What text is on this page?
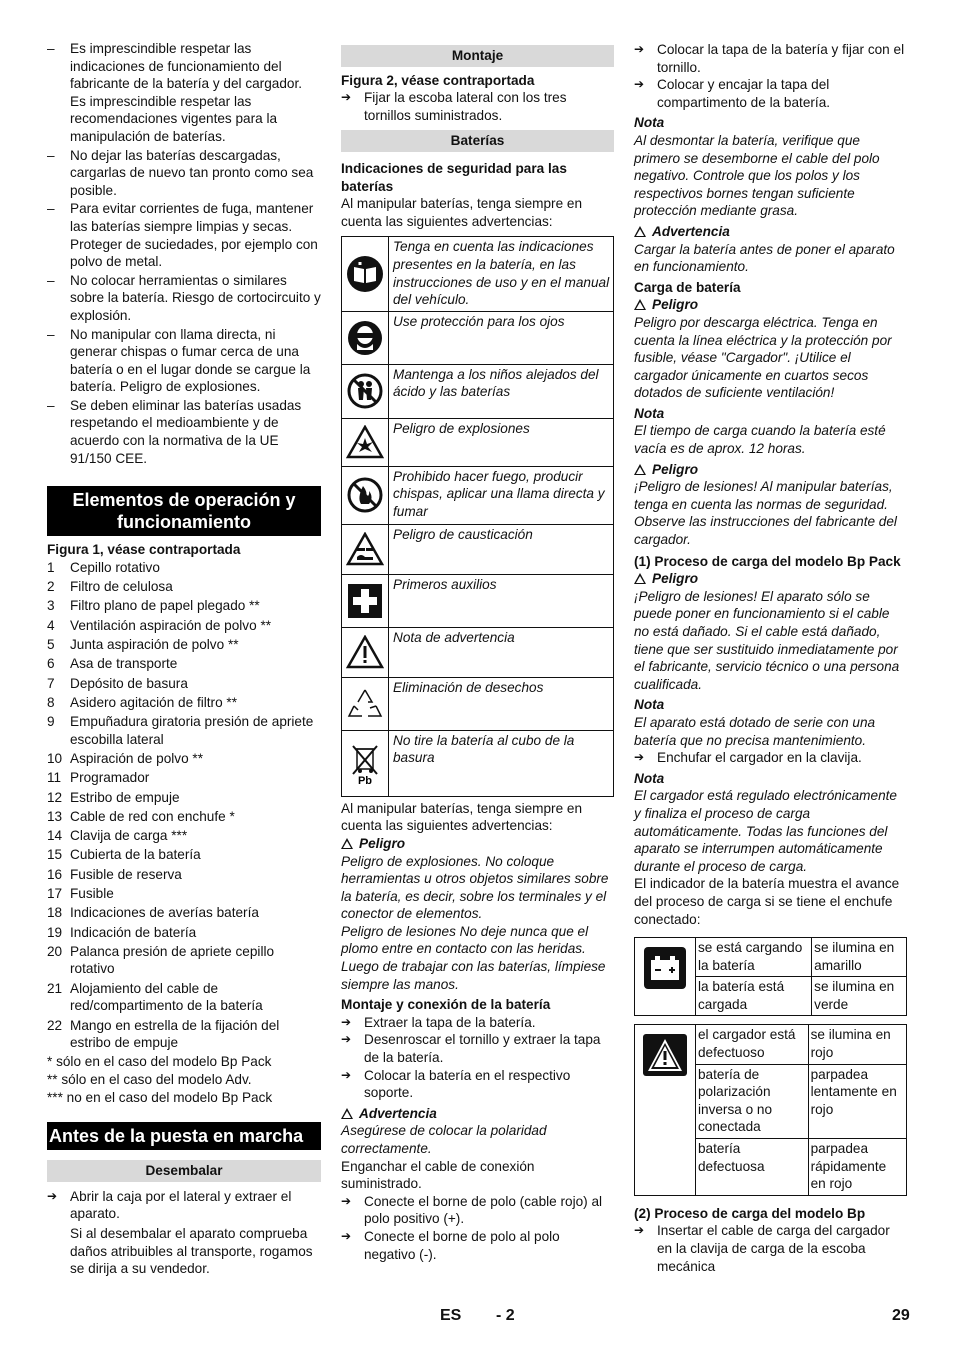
– Es imprescindible respetar las indicaciones de funcionamiento del fabricante de la batería y del cargador. Es imprescindible respetar las recomendaciones vigentes para la manipulación de baterías.
– No dejar las baterías descargadas, cargarlas de nuevo tan pronto como sea posible.
– Para evitar corrientes de fuga, mantener las baterías siempre limpias y secas. Proteger de suciedades, por ejemplo con polvo de metal.
– No colocar herramientas o similares sobre la batería. Riesgo de cortocircuito y explosión.
– No manipular con llama directa, ni generar chispas o fumar cerca de una batería o en el lugar donde se cargue la batería. Peligro de explosiones.
– Se deben eliminar las baterías usadas respetando el medioambiente y de acuerdo con la normativa de la UE 91/150 CEE.
Elementos de operación y funcionamiento
Figura 1, véase contraportada
1 Cepillo rotativo
2 Filtro de celulosa
3 Filtro plano de papel plegado **
4 Ventilación aspiración de polvo **
5 Junta aspiración de polvo **
6 Asa de transporte
7 Depósito de basura
8 Asidero agitación de filtro **
9 Empuñadura giratoria presión de apriete escobilla lateral
10 Aspiración de polvo **
11 Programador
12 Estribo de empuje
13 Cable de red con enchufe *
14 Clavija de carga ***
15 Cubierta de la batería
16 Fusible de reserva
17 Fusible
18 Indicaciones de averías batería
19 Indicación de batería
20 Palanca presión de apriete cepillo rotativo
21 Alojamiento del cable de red/compartimento de la batería
22 Mango en estrella de la fijación del estribo de empuje
* sólo en el caso del modelo Bp Pack
** sólo en el caso del modelo Adv.
*** no en el caso del modelo Bp Pack
Antes de la puesta en marcha
Desembalar
➔ Abrir la caja por el lateral y extraer el aparato.
Si al desembalar el aparato comprueba daños atribuibles al transporte, rogamos se dirija a su vendedor.
Montaje
Figura 2, véase contraportada
➔ Fijar la escoba lateral con los tres tornillos suministrados.
Baterías
Indicaciones de seguridad para las baterías
Al manipular baterías, tenga siempre en cuenta las siguientes advertencias:
	Tenga en cuenta las indicaciones presentes en la batería, en las instrucciones de uso y en el manual del vehículo.

	Use protección para los ojos

	Mantenga a los niños alejados del ácido y las baterías

	Peligro de explosiones

	Prohibido hacer fuego, producir chispas, aplicar una llama directa y fumar

	Peligro de causticación

	Primeros auxilios

	Nota de advertencia

	Eliminación de desechos

Pb	No tire la batería al cubo de la basura
Al manipular baterías, tenga siempre en cuenta las siguientes advertencias:
Peligro
Peligro de explosiones. No coloque herramientas u otros objetos similares sobre la batería, es decir, sobre los terminales y el conector de elementos.
Peligro de lesiones No deje nunca que el plomo entre en contacto con las heridas. Luego de trabajar con las baterías, límpiese siempre las manos.
Montaje y conexión de la batería
➔ Extraer la tapa de la batería.
➔ Desenroscar el tornillo y extraer la tapa de la batería.
➔ Colocar la batería en el respectivo soporte.
Advertencia
Asegúrese de colocar la polaridad correctamente.
Enganchar el cable de conexión suministrado.
➔ Conecte el borne de polo (cable rojo) al polo positivo (+).
➔ Conecte el borne de polo al polo negativo (-).
➔ Colocar la tapa de la batería y fijar con el tornillo.
➔ Colocar y encajar la tapa del compartimento de la batería.
Nota
Al desmontar la batería, verifique que primero se desemborne el cable del polo negativo. Controle que los polos y los respectivos bornes tengan suficiente protección mediante grasa.
Advertencia
Cargar la batería antes de poner el aparato en funcionamiento.
Carga de batería
Peligro
Peligro por descarga eléctrica. Tenga en cuenta la línea eléctrica y la protección por fusible, véase "Cargador". ¡Utilice el cargador únicamente en cuartos secos dotados de suficiente ventilación!
Nota
El tiempo de carga cuando la batería esté vacía es de aprox. 12 horas.
Peligro
¡Peligro de lesiones! Al manipular baterías, tenga en cuenta las normas de seguridad. Observe las instrucciones del fabricante del cargador.
(1) Proceso de carga del modelo Bp Pack
Peligro
¡Peligro de lesiones! El aparato sólo se puede poner en funcionamiento si el cable no está dañado. Si el cable está dañado, tiene que ser sustituido inmediatamente por el fabricante, servicio técnico o una persona cualificada.
Nota
El aparato está dotado de serie con una batería que no precisa mantenimiento.
➔ Enchufar el cargador en la clavija.
Nota
El cargador está regulado electrónicamente y finaliza el proceso de carga automáticamente. Todas las funciones del aparato se interrumpen automáticamente durante el proceso de carga.
El indicador de la batería muestra el avance del proceso de carga si se tiene el enchufe conectado:
	se está cargando la batería	se ilumina en amarillo
	la batería está cargada	se ilumina en verde
	el cargador está defectuoso	se ilumina en rojo
	batería de polarización inversa o no conectada	parpadea lentamente en rojo
	batería defectuosa	parpadea rápidamente en rojo
(2) Proceso de carga del modelo Bp
➔ Insertar el cable de carga del cargador en la clavija de carga de la escoba mecánica
ES - 2	29
